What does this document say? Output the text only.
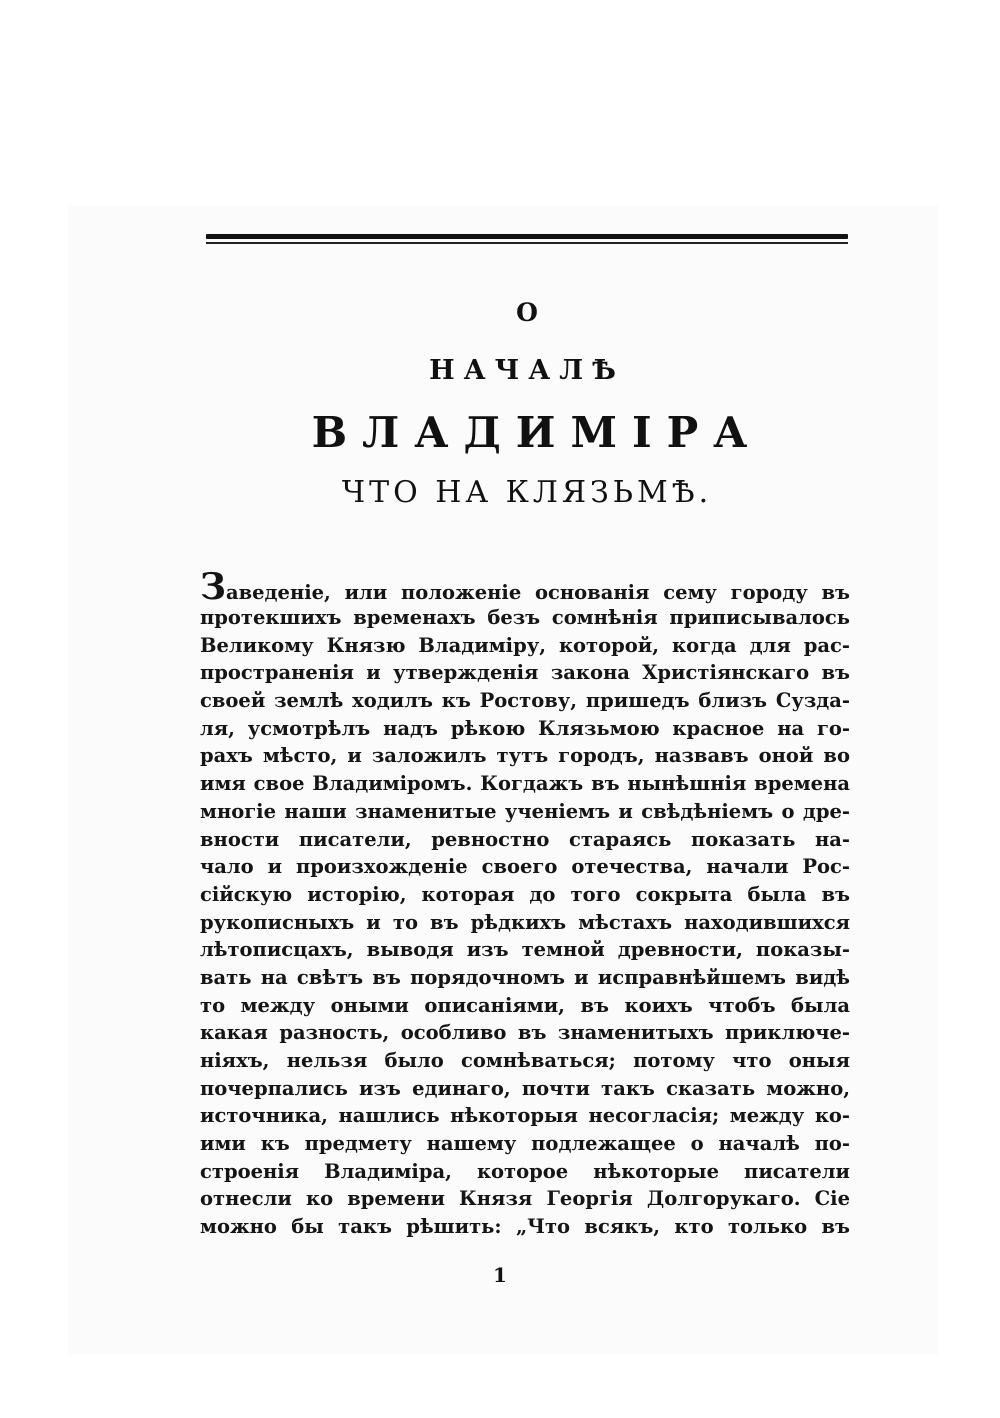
О
НАЧАЛѢ
ВЛАДИМІРА
ЧТО НА КЛЯЗЬМѢ.
Заведеніе, или положеніе основанія сему городу въ
протекшихъ временахъ безъ сомнѣнія приписывалось
Великому Князю Владиміру, которой, когда для рас-
пространенія и утвержденія закона Христіянскаго въ
своей землѣ ходилъ къ Ростову, пришедъ близъ Сузда-
ля, усмотрѣлъ надъ рѣкою Клязьмою красное на го-
рахъ мѣсто, и заложилъ тутъ городъ, назвавъ оной во
имя свое Владиміромъ. Когдажъ въ нынѣшнія времена
многіе наши знаменитые ученіемъ и свѣдѣніемъ о дре-
вности писатели, ревностно стараясь показать на-
чало и произхожденіе своего отечества, начали Рос-
сійскую исторію, которая до того сокрыта была въ
рукописныхъ и то въ рѣдкихъ мѣстахъ находившихся
лѣтописцахъ, выводя изъ темной древности, показы-
вать на свѣтъ въ порядочномъ и исправнѣйшемъ видѣ
то между оными описаніями, въ коихъ чтобъ была
какая разность, особливо въ знаменитыхъ приключе-
ніяхъ, нельзя было сомнѣваться; потому что оныя
почерпались изъ единаго, почти такъ сказать можно,
источника, нашлись нѣкоторыя несогласія; между ко-
ими къ предмету нашему подлежащее о началѣ по-
строенія Владиміра, которое нѣкоторые писатели
отнесли ко времени Князя Георгія Долгорукаго. Сіе
можно бы такъ рѣшить: „Что всякъ, кто только въ
1
